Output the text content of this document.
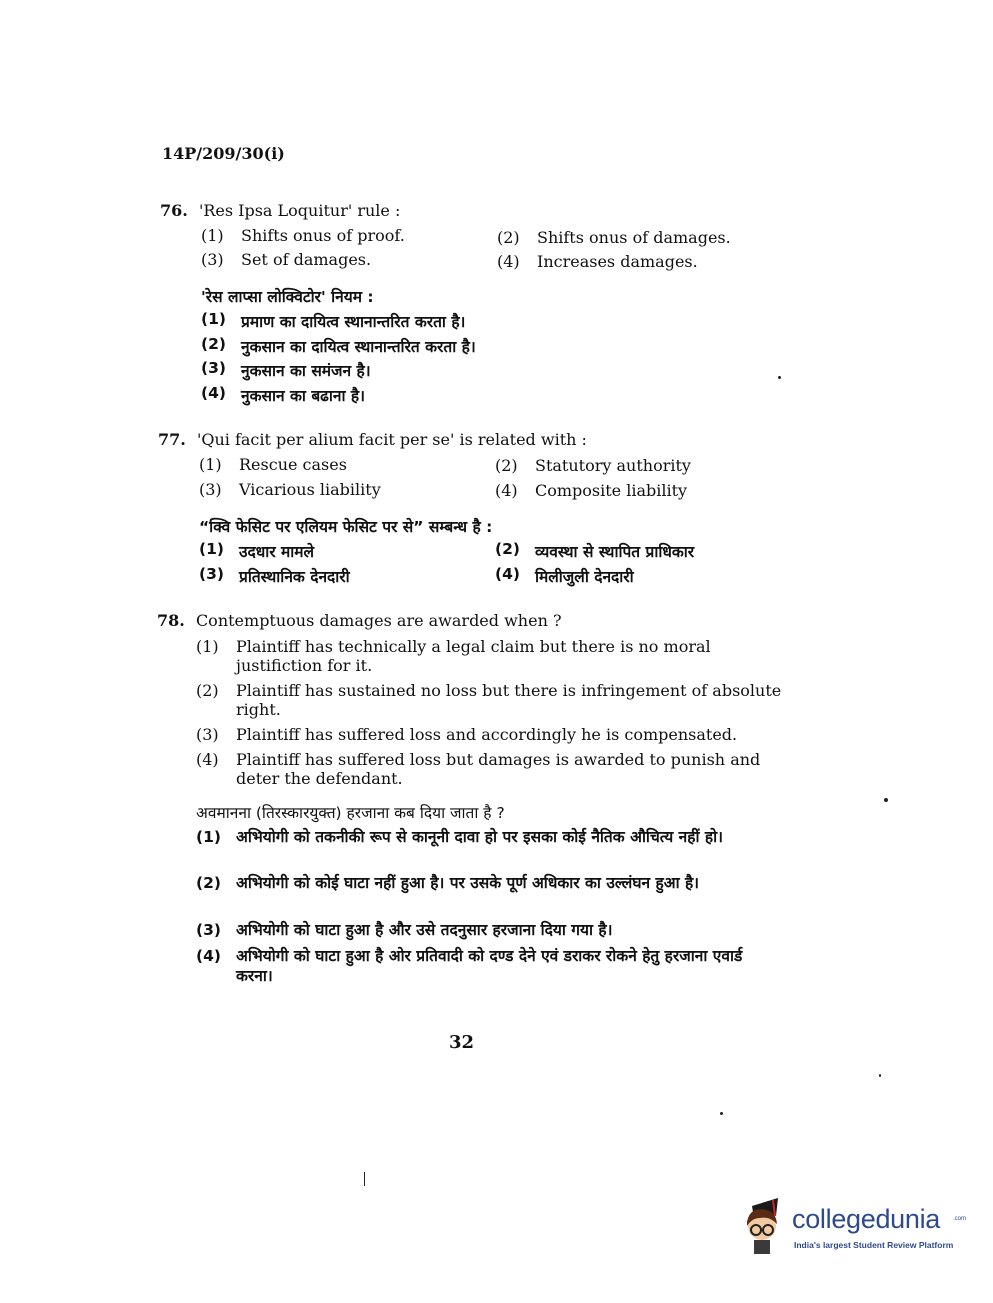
14P/209/30(i)
76. 'Res Ipsa Loquitur' rule :
(1)	Shifts onus of proof.	(2)	Shifts onus of damages.
(3)	Set of damages.	(4)	Increases damages.
'रेस लाप्सा लोक्विटोर' नियम :
(1) प्रमाण का दायित्व स्थानान्तरित करता है।
(2) नुकसान का दायित्व स्थानान्तरित करता है।
(3) नुकसान का समंजन है।
(4) नुकसान का बढाना है।
77. 'Qui facit per alium facit per se' is related with :
(1)	Rescue cases	(2)	Statutory authority
(3)	Vicarious liability	(4)	Composite liability
“क्वि फेसिट पर एलियम फेसिट पर से” सम्बन्ध है :
(1) उदधार मामले	(2) व्यवस्था से स्थापित प्राधिकार
(3) प्रतिस्थानिक देनदारी	(4) मिलीजुली देनदारी
78. Contemptuous damages are awarded when ?
(1)	Plaintiff has technically a legal claim but there is no moral justifiction for it.
(2)	Plaintiff has sustained no loss but there is infringement of absolute right.
(3)	Plaintiff has suffered loss and accordingly he is compensated.
(4)	Plaintiff has suffered loss but damages is awarded to punish and deter the defendant.
अवमानना (तिरस्कारयुक्त) हरजाना कब दिया जाता है ?
(1) अभियोगी को तकनीकी रूप से कानूनी दावा हो पर इसका कोई नैतिक औचित्य नहीं हो।
(2) अभियोगी को कोई घाटा नहीं हुआ है। पर उसके पूर्ण अधिकार का उल्लंघन हुआ है।
(3) अभियोगी को घाटा हुआ है और उसे तदनुसार हरजाना दिया गया है।
(4) अभियोगी को घाटा हुआ है ओर प्रतिवादी को दण्ड देने एवं डराकर रोकने हेतु हरजाना एवार्ड करना।
32
collegedunia .com
India's largest Student Review Platform
